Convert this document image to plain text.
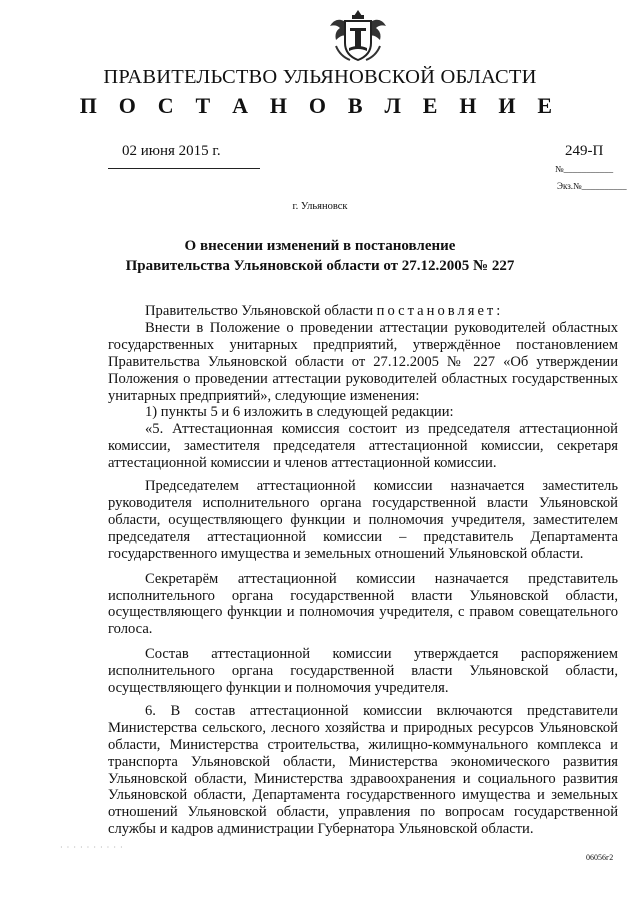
ПРАВИТЕЛЬСТВО УЛЬЯНОВСКОЙ ОБЛАСТИ
П О С Т А Н О В Л Е Н И Е
02 июня 2015 г.	249-П
№___________
Экз.№__________
г. Ульяновск
О внесении изменений в постановление
Правительства Ульяновской области от 27.12.2005 № 227

Правительство Ульяновской области постановляет:

Внести в Положение о проведении аттестации руководителей областных государственных унитарных предприятий, утверждённое постановлением Правительства Ульяновской области от 27.12.2005 № 227 «Об утверждении Положения о проведении аттестации руководителей областных государственных унитарных предприятий», следующие изменения:

1) пункты 5 и 6 изложить в следующей редакции:

«5. Аттестационная комиссия состоит из председателя аттестационной комиссии, заместителя председателя аттестационной комиссии, секретаря аттестационной комиссии и членов аттестационной комиссии.

Председателем аттестационной комиссии назначается заместитель руководителя исполнительного органа государственной власти Ульяновской области, осуществляющего функции и полномочия учредителя, заместителем председателя аттестационной комиссии – представитель Департамента государственного имущества и земельных отношений Ульяновской области.

Секретарём аттестационной комиссии назначается представитель исполнительного органа государственной власти Ульяновской области, осуществляющего функции и полномочия учредителя, с правом совещательного голоса.

Состав аттестационной комиссии утверждается распоряжением исполнительного органа государственной власти Ульяновской области, осуществляющего функции и полномочия учредителя.

6. В состав аттестационной комиссии включаются представители Министерства сельского, лесного хозяйства и природных ресурсов Ульяновской области, Министерства строительства, жилищно-коммунального комплекса и транспорта Ульяновской области, Министерства экономического развития Ульяновской области, Министерства здравоохранения и социального развития Ульяновской области, Департамента государственного имущества и земельных отношений Ульяновской области, управления по вопросам государственной службы и кадров администрации Губернатора Ульяновской области.

· · · · · · · · · ·
06056г2
